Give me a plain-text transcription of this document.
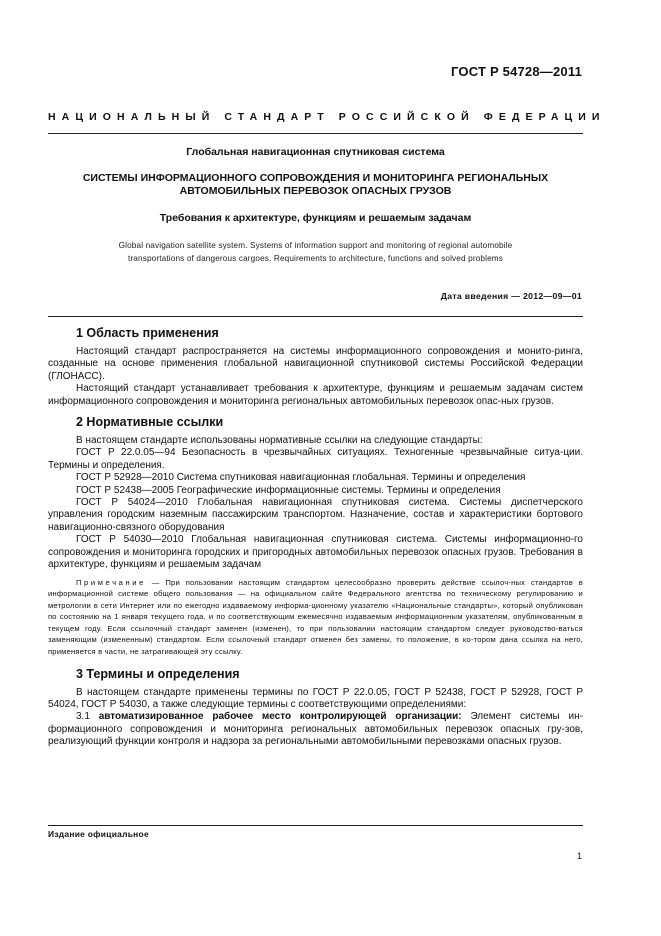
ГОСТ Р 54728—2011
НАЦИОНАЛЬНЫЙ СТАНДАРТ РОССИЙСКОЙ ФЕДЕРАЦИИ
Глобальная навигационная спутниковая система
СИСТЕМЫ ИНФОРМАЦИОННОГО СОПРОВОЖДЕНИЯ И МОНИТОРИНГА РЕГИОНАЛЬНЫХ
АВТОМОБИЛЬНЫХ ПЕРЕВОЗОК ОПАСНЫХ ГРУЗОВ
Требования к архитектуре, функциям и решаемым задачам
Global navigation satellite system. Systems of information support and monitoring of regional automobile
transportations of dangerous cargoes. Requirements to architecture, functions and solved problems
Дата введения — 2012—09—01
1 Область применения

Настоящий стандарт распространяется на системы информационного сопровождения и монито-ринга, созданные на основе применения глобальной навигационной спутниковой системы Российской Федерации (ГЛОНАСС).

Настоящий стандарт устанавливает требования к архитектуре, функциям и решаемым задачам систем информационного сопровождения и мониторинга региональных автомобильных перевозок опас-ных грузов.

2 Нормативные ссылки

В настоящем стандарте использованы нормативные ссылки на следующие стандарты:

ГОСТ Р 22.0.05—94 Безопасность в чрезвычайных ситуациях. Техногенные чрезвычайные ситуа-ции. Термины и определения.

ГОСТ Р 52928—2010 Система спутниковая навигационная глобальная. Термины и определения

ГОСТ Р 52438—2005 Географические информационные системы. Термины и определения

ГОСТ Р 54024—2010 Глобальная навигационная спутниковая система. Системы диспетчерского управления городским наземным пассажирским транспортом. Назначение, состав и характеристики бортового навигационно-связного оборудования

ГОСТ Р 54030—2010 Глобальная навигационная спутниковая система. Системы информационно-го сопровождения и мониторинга городских и пригородных автомобильных перевозок опасных грузов. Требования в архитектуре, функциям и решаемым задачам

Примечание — При пользовании настоящим стандартом целесообразно проверить действие ссылоч-ных стандартов в информационной системе общего пользования — на официальном сайте Федерального агентства по техническому регулированию и метрологии в сети Интернет или по ежегодно издаваемому информа-ционному указателю «Национальные стандарты», который опубликован по состоянию на 1 января текущего года, и по соответствующим ежемесячно издаваемым информационным указателям, опубликованным в текущем году. Если ссылочный стандарт заменен (изменен), то при пользовании настоящим стандартом следует руководство-ваться заменяющим (измененным) стандартом. Если ссылочный стандарт отменен без замены, то положение, в ко-тором дана ссылка на него, применяется в части, не затрагивающей эту ссылку.

3 Термины и определения

В настоящем стандарте применены термины по ГОСТ Р 22.0.05, ГОСТ Р 52438, ГОСТ Р 52928, ГОСТ Р 54024, ГОСТ Р 54030, а также следующие термины с соответствующими определениями:

3.1 автоматизированное рабочее место контролирующей организации: Элемент системы ин-формационного сопровождения и мониторинга региональных автомобильных перевозок опасных гру-зов, реализующий функции контроля и надзора за региональными автомобильными перевозками опасных грузов.

Издание официальное
1
